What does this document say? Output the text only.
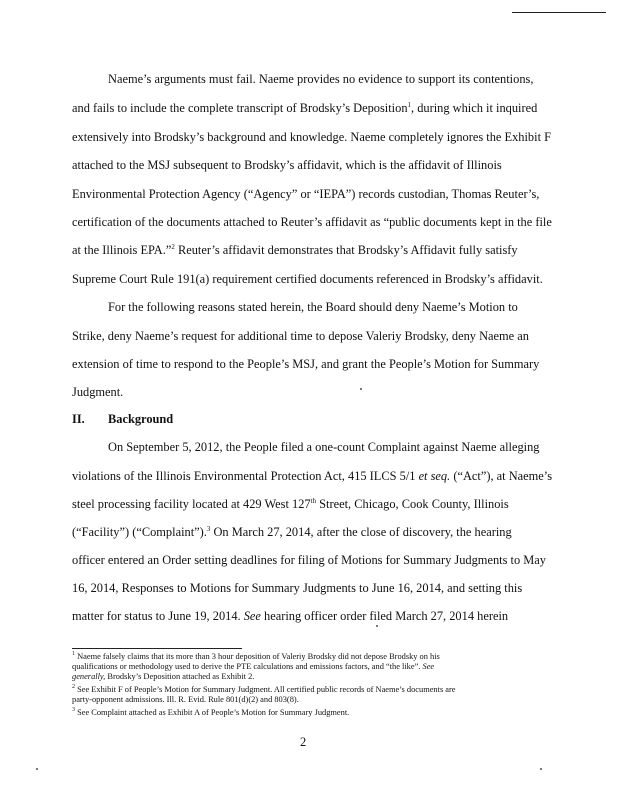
Naeme’s arguments must fail. Naeme provides no evidence to support its contentions,
and fails to include the complete transcript of Brodsky’s Deposition$^1$, during which it inquired
extensively into Brodsky’s background and knowledge. Naeme completely ignores the Exhibit F
attached to the MSJ subsequent to Brodsky’s affidavit, which is the affidavit of Illinois
Environmental Protection Agency (“Agency” or “IEPA”) records custodian, Thomas Reuter’s,
certification of the documents attached to Reuter’s affidavit as “public documents kept in the file
at the Illinois EPA.”$^2$ Reuter’s affidavit demonstrates that Brodsky’s Affidavit fully satisfy
Supreme Court Rule 191(a) requirement certified documents referenced in Brodsky’s affidavit.
For the following reasons stated herein, the Board should deny Naeme’s Motion to
Strike, deny Naeme’s request for additional time to depose Valeriy Brodsky, deny Naeme an
extension of time to respond to the People’s MSJ, and grant the People’s Motion for Summary
Judgment.
II. Background
On September 5, 2012, the People filed a one-count Complaint against Naeme alleging
violations of the Illinois Environmental Protection Act, 415 ILCS 5/1 et seq. (“Act”), at Naeme’s
steel processing facility located at 429 West 127th Street, Chicago, Cook County, Illinois
(“Facility”) (“Complaint”).$^3$ On March 27, 2014, after the close of discovery, the hearing
officer entered an Order setting deadlines for filing of Motions for Summary Judgments to May
16, 2014, Responses to Motions for Summary Judgments to June 16, 2014, and setting this
matter for status to June 19, 2014. See hearing officer order filed March 27, 2014 herein
$^1$ Naeme falsely claims that its more than 3 hour deposition of Valeriy Brodsky did not depose Brodsky on his
qualifications or methodology used to derive the PTE calculations and emissions factors, and “the like”. See
generally, Brodsky’s Deposition attached as Exhibit 2.
$^2$ See Exhibit F of People’s Motion for Summary Judgment. All certified public records of Naeme’s documents are
party-opponent admissions. Ill. R. Evid. Rule 801(d)(2) and 803(8).
$^3$ See Complaint attached as Exhibit A of People’s Motion for Summary Judgment.
2
